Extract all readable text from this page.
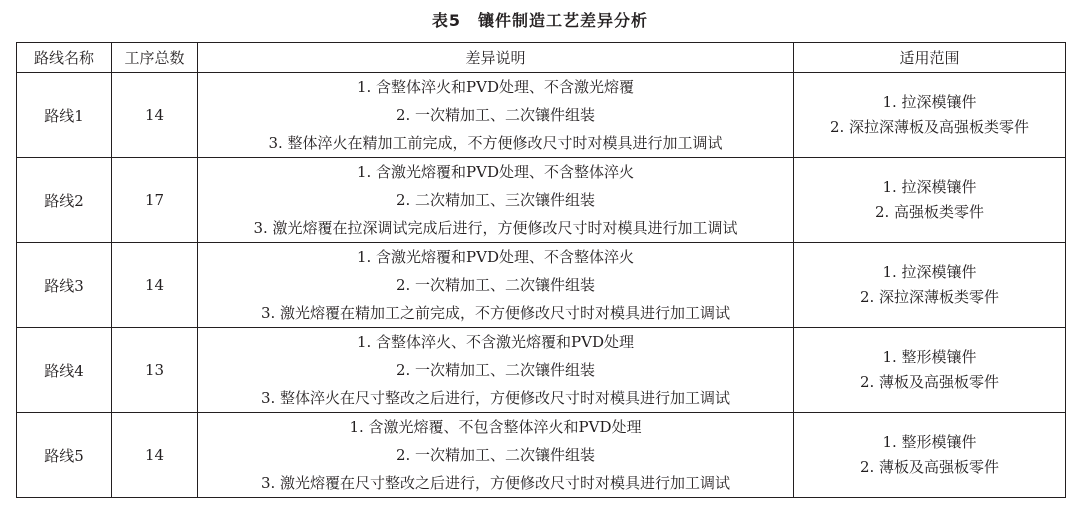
表5　镶件制造工艺差异分析
路线名称	工序总数	差异说明	适用范围
路线1	14	1. 含整体淬火和PVD处理、不含激光熔覆
2. 一次精加工、二次镶件组装
3. 整体淬火在精加工前完成，不方便修改尺寸时对模具进行加工调试	1. 拉深模镶件
2. 深拉深薄板及高强板类零件

路线2	17	1. 含激光熔覆和PVD处理、不含整体淬火
2. 二次精加工、三次镶件组装
3. 激光熔覆在拉深调试完成后进行，方便修改尺寸时对模具进行加工调试	1. 拉深模镶件
2. 高强板类零件

路线3	14	1. 含激光熔覆和PVD处理、不含整体淬火
2. 一次精加工、二次镶件组装
3. 激光熔覆在精加工之前完成，不方便修改尺寸时对模具进行加工调试	1. 拉深模镶件
2. 深拉深薄板类零件

路线4	13	1. 含整体淬火、不含激光熔覆和PVD处理
2. 一次精加工、二次镶件组装
3. 整体淬火在尺寸整改之后进行，方便修改尺寸时对模具进行加工调试	1. 整形模镶件
2. 薄板及高强板零件

路线5	14	1. 含激光熔覆、不包含整体淬火和PVD处理
2. 一次精加工、二次镶件组装
3. 激光熔覆在尺寸整改之后进行，方便修改尺寸时对模具进行加工调试	1. 整形模镶件
2. 薄板及高强板零件
